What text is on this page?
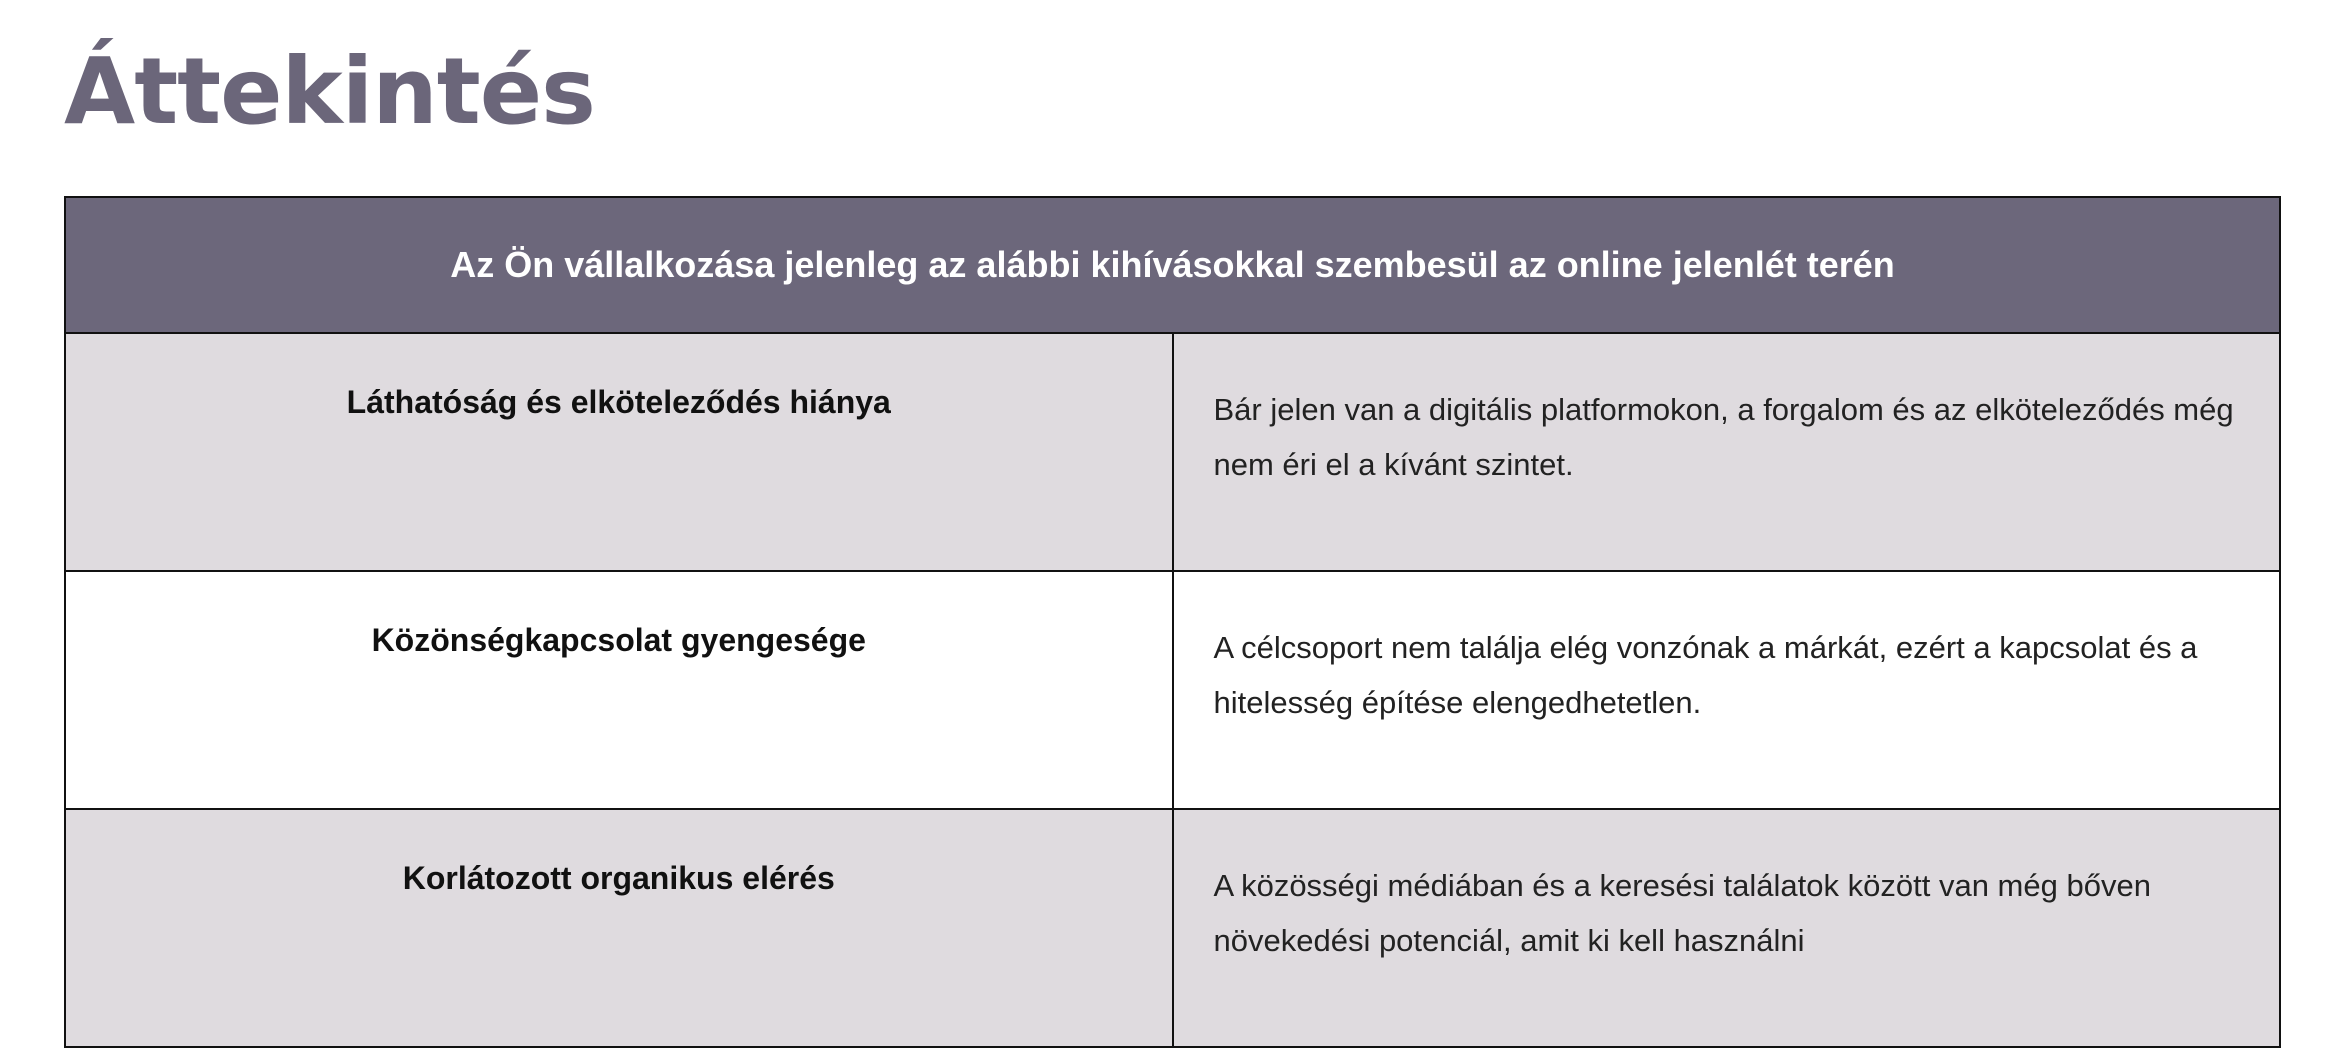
Áttekintés
Az Ön vállalkozása jelenleg az alábbi kihívásokkal szembesül az online jelenlét terén	
Láthatóság és elköteleződés hiánya	Bár jelen van a digitális platformokon, a forgalom és az elköteleződés még nem éri el a kívánt szintet.
Közönségkapcsolat gyengesége	A célcsoport nem találja elég vonzónak a márkát, ezért a kapcsolat és a hitelesség építése elengedhetetlen.
Korlátozott organikus elérés	A közösségi médiában és a keresési találatok között van még bőven növekedési potenciál, amit ki kell használni
